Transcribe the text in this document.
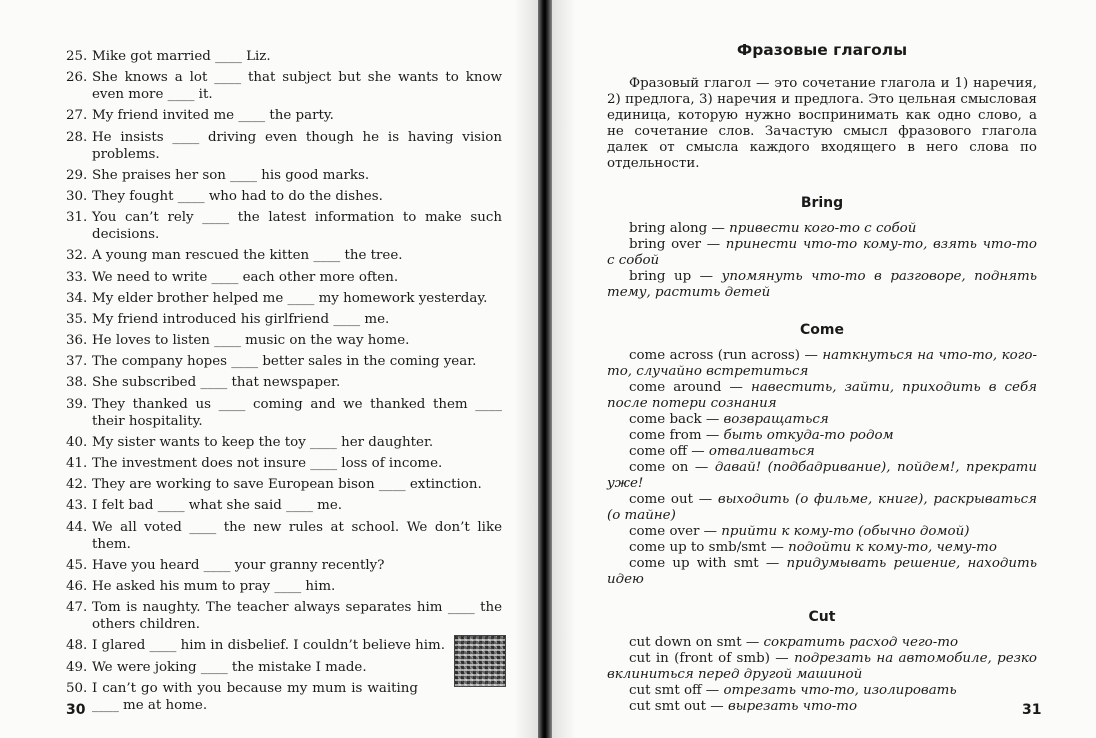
25. Mike got married ____ Liz.
26. She knows a lot ____ that subject but she wants to know even more ____ it.
27. My friend invited me ____ the party.
28. He insists ____ driving even though he is having vision problems.
29. She praises her son ____ his good marks.
30. They fought ____ who had to do the dishes.
31. You can’t rely ____ the latest information to make such decisions.
32. A young man rescued the kitten ____ the tree.
33. We need to write ____ each other more often.
34. My elder brother helped me ____ my homework yesterday.
35. My friend introduced his girlfriend ____ me.
36. He loves to listen ____ music on the way home.
37. The company hopes ____ better sales in the coming year.
38. She subscribed ____ that newspaper.
39. They thanked us ____ coming and we thanked them ____ their hospitality.
40. My sister wants to keep the toy ____ her daughter.
41. The investment does not insure ____ loss of income.
42. They are working to save European bison ____ extinction.
43. I felt bad ____ what she said ____ me.
44. We all voted ____ the new rules at school. We don’t like them.
45. Have you heard ____ your granny recently?
46. He asked his mum to pray ____ him.
47. Tom is naughty. The teacher always separates him ____ the others children.
48. I glared ____ him in disbelief. I couldn’t believe him.
49. We were joking ____ the mistake I made.
50. I can’t go with you because my mum is waiting ____ me at home.
30
Фразовые глаголы
Фразовый глагол — это сочетание глагола и 1) наречия, 2) предлога, 3) наречия и предлога. Это цельная смысловая единица, которую нужно воспринимать как одно слово, а не сочетание слов. Зачастую смысл фразового глагола далек от смысла каждого входящего в него слова по отдельности.
Bring
bring along — привести кого-то с собой
bring over — принести что-то кому-то, взять что-то с собой
bring up — упомянуть что-то в разговоре, поднять тему, растить детей
Come
come across (run across) — наткнуться на что-то, кого-то, случайно встретиться
come around — навестить, зайти, приходить в себя после потери сознания
come back — возвращаться
come from — быть откуда-то родом
come off — отваливаться
come on — давай! (подбадривание), пойдем!, прекрати уже!
come out — выходить (о фильме, книге), раскрываться (о тайне)
come over — прийти к кому-то (обычно домой)
come up to smb/smt — подойти к кому-то, чему-то
come up with smt — придумывать решение, находить идею
Cut
cut down on smt — сократить расход чего-то
cut in (front of smb) — подрезать на автомобиле, резко вклиниться перед другой машиной
cut smt off — отрезать что-то, изолировать
cut smt out — вырезать что-то	31
